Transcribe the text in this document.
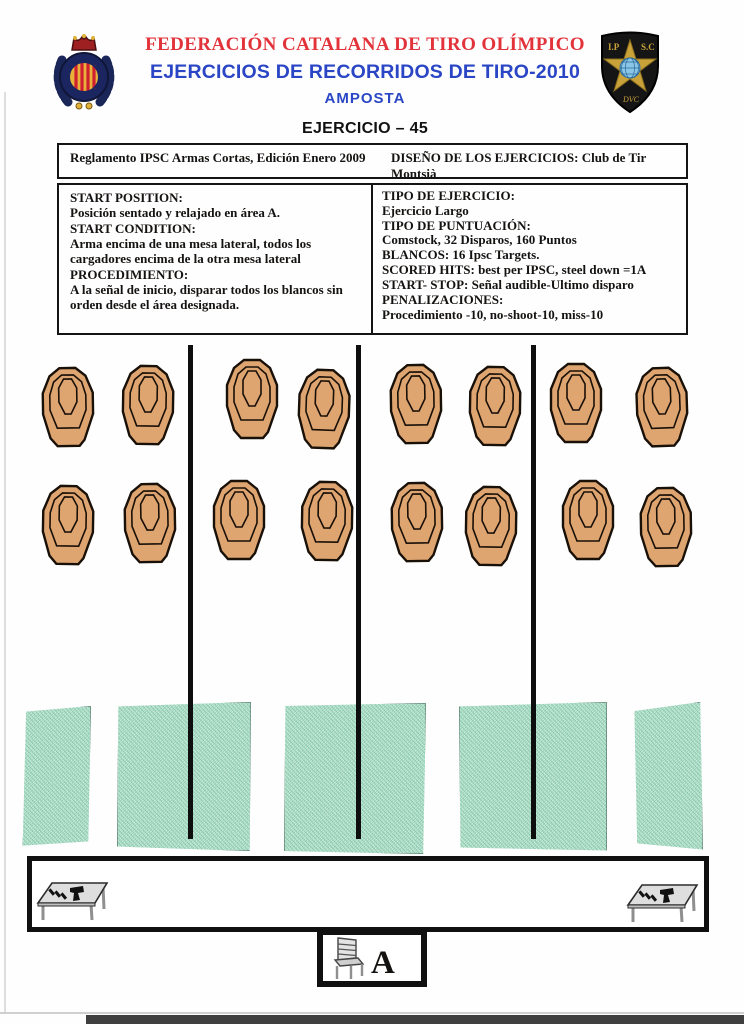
I.P S.C
DVC
FEDERACIÓN CATALANA DE TIRO OLÍMPICO
EJERCICIOS DE RECORRIDOS DE TIRO-2010
AMPOSTA
EJERCICIO – 45
Reglamento IPSC Armas Cortas, Edición Enero 2009	DISEÑO DE LOS EJERCICIOS: Club de Tir Montsià
START POSITION:
Posición sentado y relajado en área A.
START CONDITION:
Arma encima de una mesa lateral, todos los cargadores encima de la otra mesa lateral
PROCEDIMIENTO:
A la señal de inicio, disparar todos los blancos sin orden desde el área designada.
TIPO DE EJERCICIO:
Ejercicio Largo
TIPO DE PUNTUACIÓN:
Comstock, 32 Disparos, 160 Puntos
BLANCOS: 16 Ipsc Targets.
SCORED HITS: best per IPSC, steel down =1A
START- STOP: Señal audible-Ultimo disparo
PENALIZACIONES:
Procedimiento -10, no-shoot-10, miss-10
A
